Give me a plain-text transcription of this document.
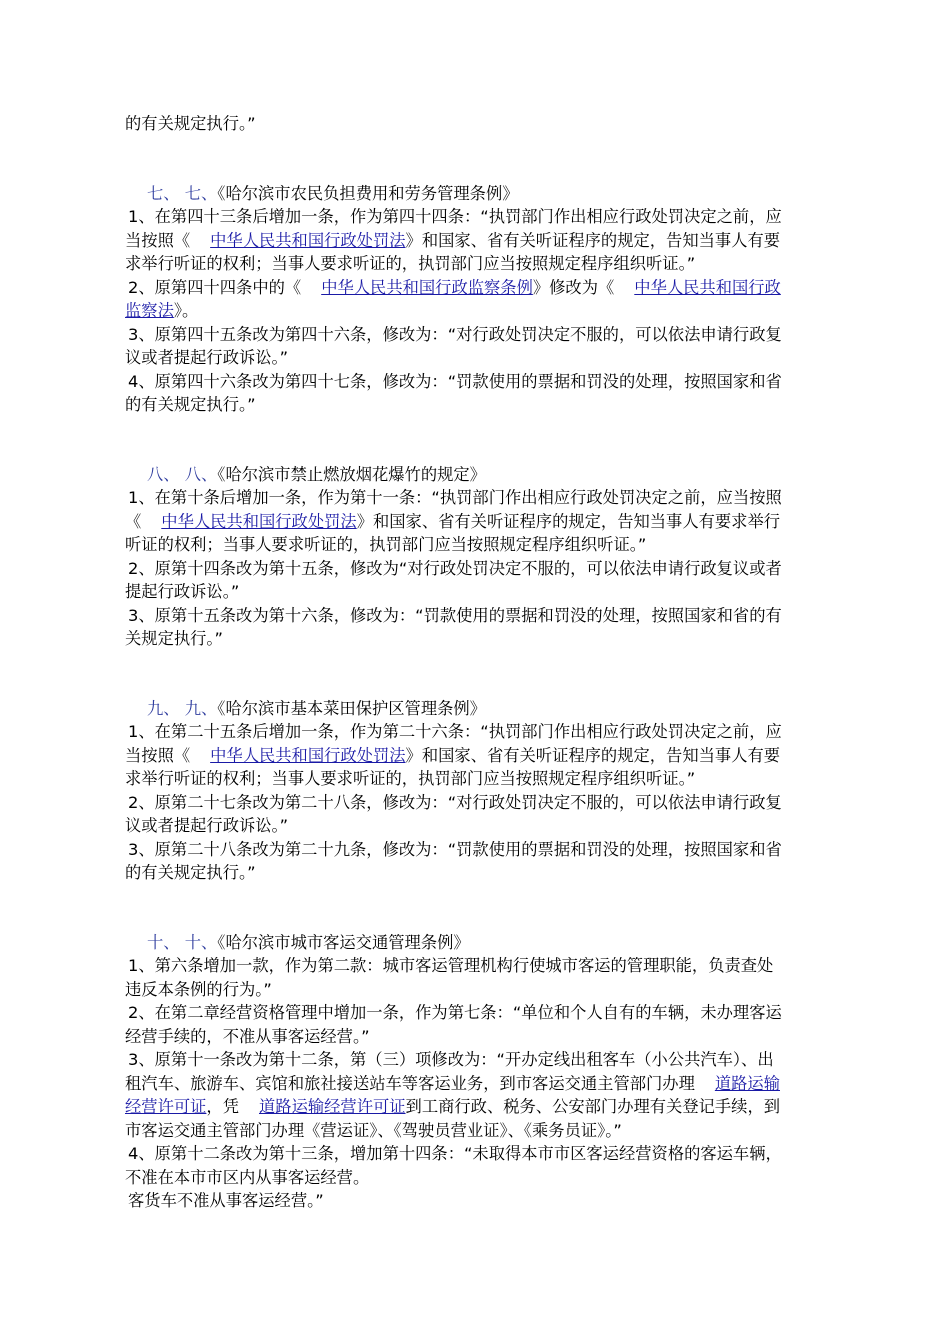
的有关规定执行。”
七、 七、《哈尔滨市农民负担费用和劳务管理条例》
1、在第四十三条后增加一条，作为第四十四条：“执罚部门作出相应行政处罚决定之前，应
当按照《 中华人民共和国行政处罚法》和国家、省有关听证程序的规定，告知当事人有要
求举行听证的权利；当事人要求听证的，执罚部门应当按照规定程序组织听证。”
2、原第四十四条中的《 中华人民共和国行政监察条例》修改为《 中华人民共和国行政
监察法》。
3、原第四十五条改为第四十六条，修改为：“对行政处罚决定不服的，可以依法申请行政复
议或者提起行政诉讼。”
4、原第四十六条改为第四十七条，修改为：“罚款使用的票据和罚没的处理，按照国家和省
的有关规定执行。”
八、 八、《哈尔滨市禁止燃放烟花爆竹的规定》
1、在第十条后增加一条，作为第十一条：“执罚部门作出相应行政处罚决定之前，应当按照
《 中华人民共和国行政处罚法》和国家、省有关听证程序的规定，告知当事人有要求举行
听证的权利；当事人要求听证的，执罚部门应当按照规定程序组织听证。”
2、原第十四条改为第十五条，修改为“对行政处罚决定不服的，可以依法申请行政复议或者
提起行政诉讼。”
3、原第十五条改为第十六条，修改为：“罚款使用的票据和罚没的处理，按照国家和省的有
关规定执行。”
九、 九、《哈尔滨市基本菜田保护区管理条例》
1、在第二十五条后增加一条，作为第二十六条：“执罚部门作出相应行政处罚决定之前，应
当按照《 中华人民共和国行政处罚法》和国家、省有关听证程序的规定，告知当事人有要
求举行听证的权利；当事人要求听证的，执罚部门应当按照规定程序组织听证。”
2、原第二十七条改为第二十八条，修改为：“对行政处罚决定不服的，可以依法申请行政复
议或者提起行政诉讼。”
3、原第二十八条改为第二十九条，修改为：“罚款使用的票据和罚没的处理，按照国家和省
的有关规定执行。”
十、 十、《哈尔滨市城市客运交通管理条例》
1、第六条增加一款，作为第二款：城市客运管理机构行使城市客运的管理职能，负责查处
违反本条例的行为。”
2、在第二章经营资格管理中增加一条，作为第七条：“单位和个人自有的车辆，未办理客运
经营手续的，不准从事客运经营。”
3、原第十一条改为第十二条，第（三）项修改为：“开办定线出租客车（小公共汽车）、出
租汽车、旅游车、宾馆和旅社接送站车等客运业务，到市客运交通主管部门办理 道路运输
经营许可证，凭 道路运输经营许可证到工商行政、税务、公安部门办理有关登记手续，到
市客运交通主管部门办理《营运证》、《驾驶员营业证》、《乘务员证》。”
4、原第十二条改为第十三条，增加第十四条：“未取得本市市区客运经营资格的客运车辆，
不准在本市市区内从事客运经营。
客货车不准从事客运经营。”
